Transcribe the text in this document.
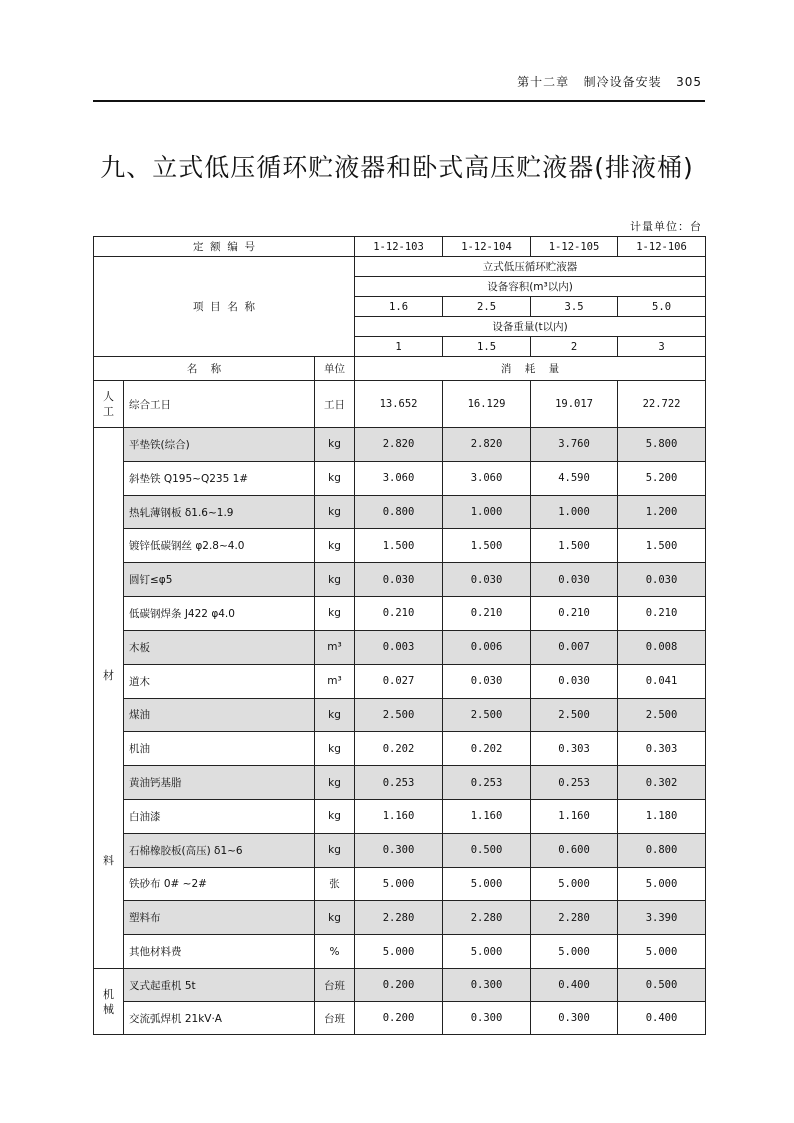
第十二章 制冷设备安装 305
九、立式低压循环贮液器和卧式高压贮液器(排液桶)
计量单位：台
定  额  编  号			1-12-103	1-12-104	1-12-105	1-12-106
项  目  名  称			立式低压循环贮液器			
			设备容积(m³以内)			
			1.6	2.5	3.5	5.0
			设备重量(t以内)			
			1	1.5	2	3
名    称		单位	消    耗    量			
人
工	综合工日	工日	13.652	16.129	19.017	22.722

材
料	平垫铁(综合)	kg	2.820	2.820	3.760	5.800
	斜垫铁 Q195~Q235 1#	kg	3.060	3.060	4.590	5.200
	热轧薄钢板 δ1.6~1.9	kg	0.800	1.000	1.000	1.200
	镀锌低碳钢丝 φ2.8~4.0	kg	1.500	1.500	1.500	1.500
	圆钉≤φ5	kg	0.030	0.030	0.030	0.030
	低碳钢焊条 J422 φ4.0	kg	0.210	0.210	0.210	0.210
	木板	m³	0.003	0.006	0.007	0.008
	道木	m³	0.027	0.030	0.030	0.041
	煤油	kg	2.500	2.500	2.500	2.500
	机油	kg	0.202	0.202	0.303	0.303
	黄油钙基脂	kg	0.253	0.253	0.253	0.302
	白油漆	kg	1.160	1.160	1.160	1.180
	石棉橡胶板(高压) δ1~6	kg	0.300	0.500	0.600	0.800
	铁砂布 0# ~2#	张	5.000	5.000	5.000	5.000
	塑料布	kg	2.280	2.280	2.280	3.390
	其他材料费	%	5.000	5.000	5.000	5.000
机
械	叉式起重机 5t	台班	0.200	0.300	0.400	0.500
	交流弧焊机 21kV·A	台班	0.200	0.300	0.300	0.400
